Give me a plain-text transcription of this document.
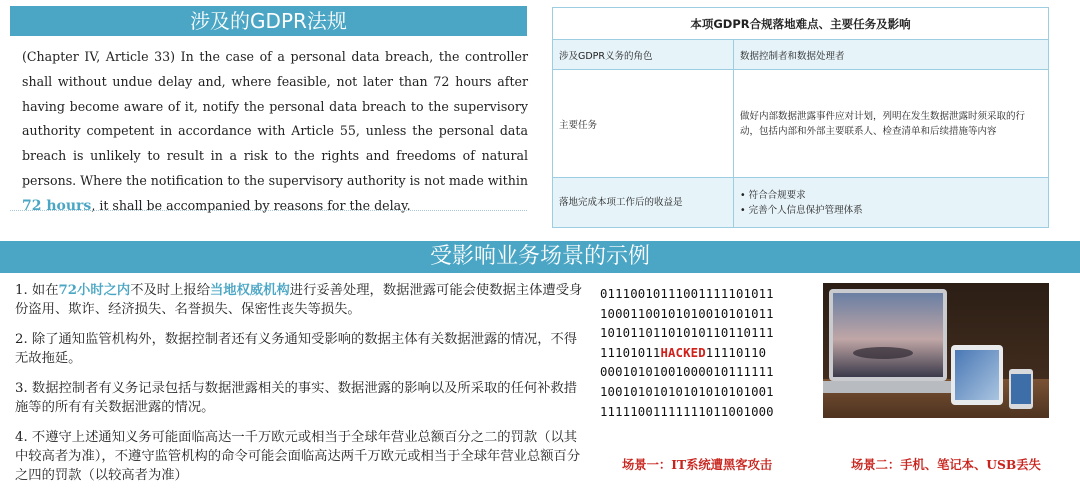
涉及的GDPR法规
(Chapter IV, Article 33) In the case of a personal data breach, the controller shall without undue delay and, where feasible, not later than 72 hours after having become aware of it, notify the personal data breach to the supervisory authority competent in accordance with Article 55, unless the personal data breach is unlikely to result in a risk to the rights and freedoms of natural persons. Where the notification to the supervisory authority is not made within 72 hours, it shall be accompanied by reasons for the delay.
本项GDPR合规落地难点、主要任务及影响	
涉及GDPR义务的角色	数据控制者和数据处理者
主要任务	做好内部数据泄露事件应对计划，列明在发生数据泄露时须采取的行动，包括内部和外部主要联系人、检查清单和后续措施等内容
落地完成本项工作后的收益是	• 符合合规要求
• 完善个人信息保护管理体系
受影响业务场景的示例

1. 如在72小时之内不及时上报给当地权威机构进行妥善处理，数据泄露可能会使数据主体遭受身份盗用、欺诈、经济损失、名誉损失、保密性丧失等损失。

2. 除了通知监管机构外，数据控制者还有义务通知受影响的数据主体有关数据泄露的情况，不得无故拖延。

3. 数据控制者有义务记录包括与数据泄露相关的事实、数据泄露的影响以及所采取的任何补救措施等的所有有关数据泄露的情况。

4. 不遵守上述通知义务可能面临高达一千万欧元或相当于全球年营业总额百分之二的罚款（以其中较高者为准），不遵守监管机构的命令可能会面临高达两千万欧元或相当于全球年营业总额百分之四的罚款（以较高者为准）

01110010111001111101011
10001100101010010101011
10101101101010110110111
11101011HACKED11110110
00010101001000010111111
10010101010101010101001
11111001111111011001000
场景一：IT系统遭黑客攻击	场景二：手机、笔记本、USB丢失
